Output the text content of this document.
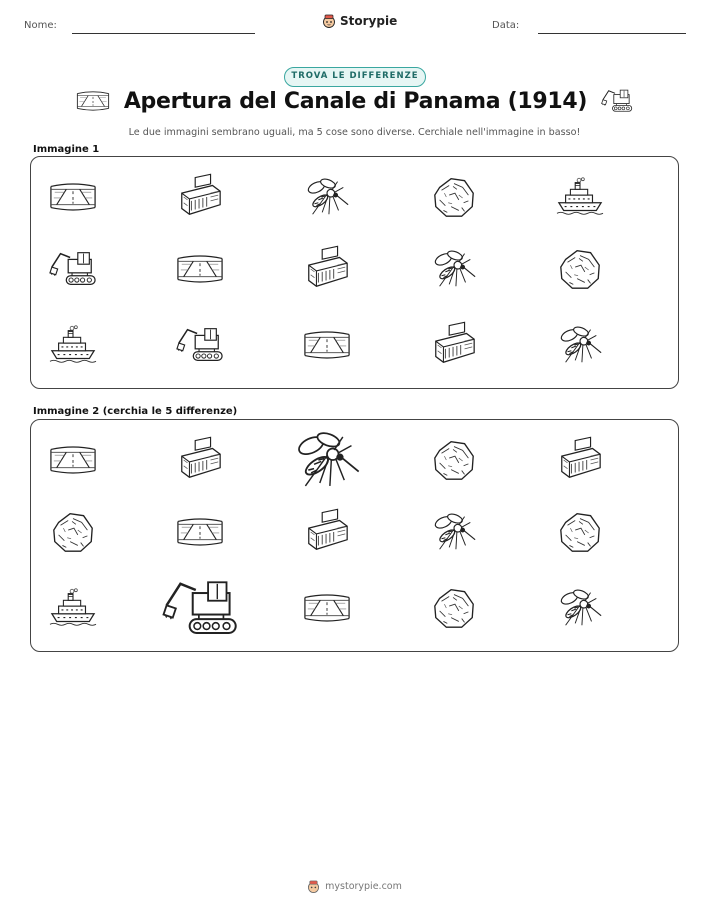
Nome:	Storypie	Data:
TROVA LE DIFFERENZE
Apertura del Canale di Panama (1914)
Le due immagini sembrano uguali, ma 5 cose sono diverse. Cerchiale nell'immagine in basso!
Immagine 1
Immagine 2 (cerchia le 5 differenze)
mystorypie.com
